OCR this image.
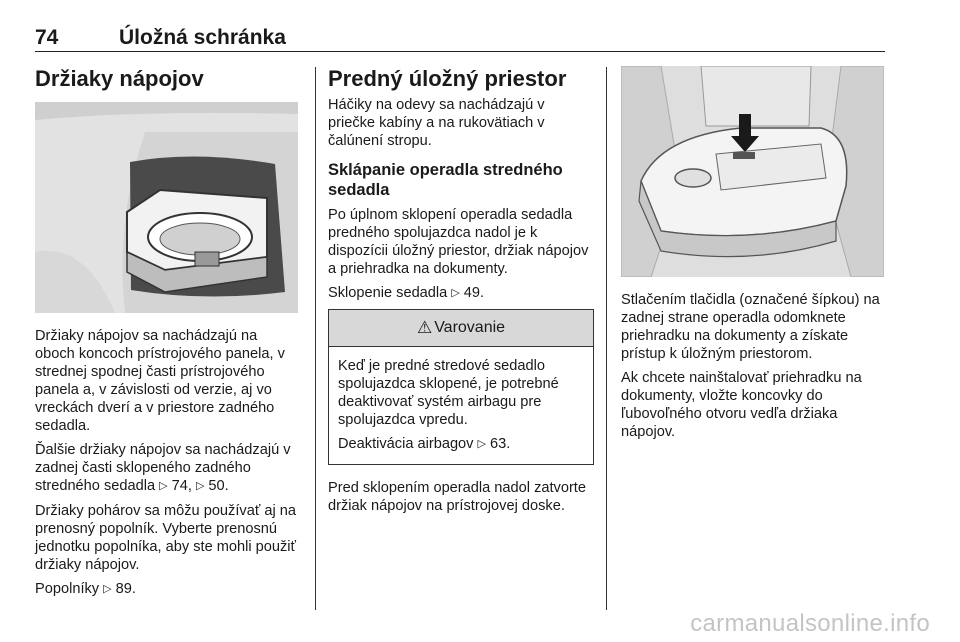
74	Úložná schránka
Držiaky nápojov

Držiaky nápojov sa nachádzajú na oboch koncoch prístrojového panela, v strednej spodnej časti prístrojového panela a, v závislosti od verzie, aj vo vreckách dverí a v priestore zadného sedadla.

Ďalšie držiaky nápojov sa nachádzajú v zadnej časti sklopeného zadného stredného sedadla ▷ 74, ▷ 50.

Držiaky pohárov sa môžu používať aj na prenosný popolník. Vyberte prenosnú jednotku popolníka, aby ste mohli použiť držiaky nápojov.

Popolníky ▷ 89.

Predný úložný priestor

Háčiky na odevy sa nachádzajú v priečke kabíny a na rukovätiach v čalúnení stropu.

Sklápanie operadla stredného sedadla

Po úplnom sklopení operadla sedadla predného spolujazdca nadol je k dispozícii úložný priestor, držiak nápojov a priehradka na dokumenty.

Sklopenie sedadla ▷ 49.

⚠ Varovanie

Keď je predné stredové sedadlo spolujazdca sklopené, je potrebné deaktivovať systém airbagu pre spolujazdca vpredu.

Deaktivácia airbagov ▷ 63.

Pred sklopením operadla nadol zatvorte držiak nápojov na prístrojovej doske.

Stlačením tlačidla (označené šípkou) na zadnej strane operadla odomknete priehradku na dokumenty a získate prístup k úložným priestorom.

Ak chcete nainštalovať priehradku na dokumenty, vložte koncovky do ľubovoľného otvoru vedľa držiaka nápojov.

carmanualsonline.info
